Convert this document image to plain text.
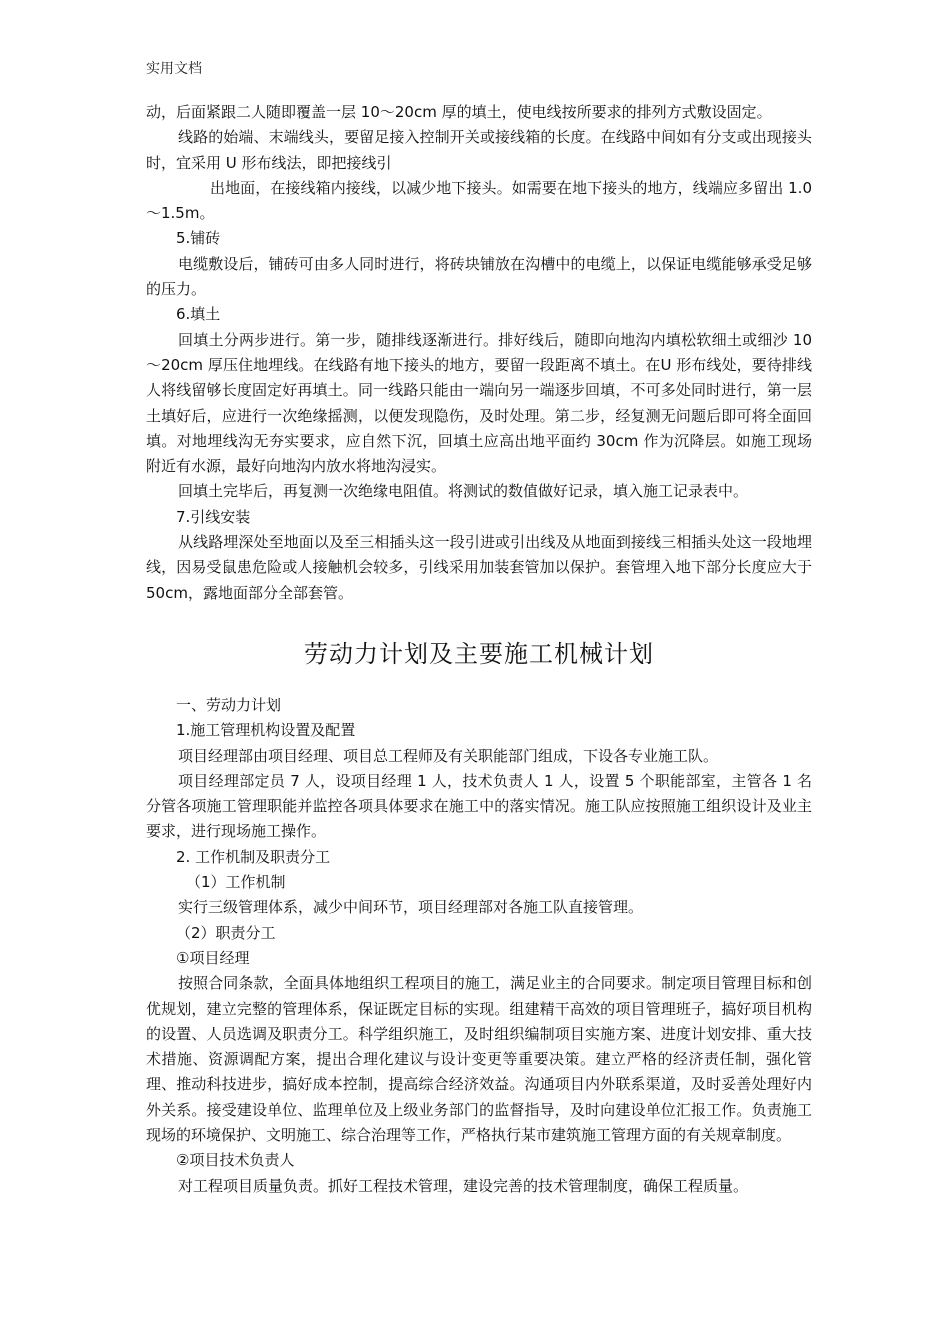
实用文档

动，后面紧跟二人随即覆盖一层 10～20cm 厚的填土，使电线按所要求的排列方式敷设固定。

线路的始端、末端线头，要留足接入控制开关或接线箱的长度。在线路中间如有分支或出现接头时，宜采用 U 形布线法，即把接线引

出地面，在接线箱内接线，以减少地下接头。如需要在地下接头的地方，线端应多留出 1.0～1.5m。

5.铺砖

电缆敷设后，铺砖可由多人同时进行，将砖块铺放在沟槽中的电缆上，以保证电缆能够承受足够的压力。

6.填土

回填土分两步进行。第一步，随排线逐渐进行。排好线后，随即向地沟内填松软细土或细沙 10～20cm 厚压住地埋线。在线路有地下接头的地方，要留一段距离不填土。在U 形布线处，要待排线人将线留够长度固定好再填土。同一线路只能由一端向另一端逐步回填，不可多处同时进行，第一层土填好后，应进行一次绝缘摇测，以便发现隐伤，及时处理。第二步，经复测无问题后即可将全面回填。对地埋线沟无夯实要求，应自然下沉，回填土应高出地平面约 30cm 作为沉降层。如施工现场附近有水源，最好向地沟内放水将地沟浸实。

回填土完毕后，再复测一次绝缘电阻值。将测试的数值做好记录，填入施工记录表中。

7.引线安装

从线路埋深处至地面以及至三相插头这一段引进或引出线及从地面到接线三相插头处这一段地埋线，因易受鼠患危险或人接触机会较多，引线采用加装套管加以保护。套管埋入地下部分长度应大于 50cm，露地面部分全部套管。

劳动力计划及主要施工机械计划

一、劳动力计划

1.施工管理机构设置及配置

项目经理部由项目经理、项目总工程师及有关职能部门组成，下设各专业施工队。

项目经理部定员 7 人，设项目经理 1 人，技术负责人 1 人，设置 5 个职能部室，主管各 1 名分管各项施工管理职能并监控各项具体要求在施工中的落实情况。施工队应按照施工组织设计及业主要求，进行现场施工操作。

2. 工作机制及职责分工

（1）工作机制

实行三级管理体系，减少中间环节，项目经理部对各施工队直接管理。

（2）职责分工

①项目经理

按照合同条款，全面具体地组织工程项目的施工，满足业主的合同要求。制定项目管理目标和创优规划，建立完整的管理体系，保证既定目标的实现。组建精干高效的项目管理班子，搞好项目机构的设置、人员选调及职责分工。科学组织施工，及时组织编制项目实施方案、进度计划安排、重大技术措施、资源调配方案，提出合理化建议与设计变更等重要决策。建立严格的经济责任制，强化管理、推动科技进步，搞好成本控制，提高综合经济效益。沟通项目内外联系渠道，及时妥善处理好内外关系。接受建设单位、监理单位及上级业务部门的监督指导，及时向建设单位汇报工作。负责施工现场的环境保护、文明施工、综合治理等工作，严格执行某市建筑施工管理方面的有关规章制度。

②项目技术负责人

对工程项目质量负责。抓好工程技术管理，建设完善的技术管理制度，确保工程质量。
